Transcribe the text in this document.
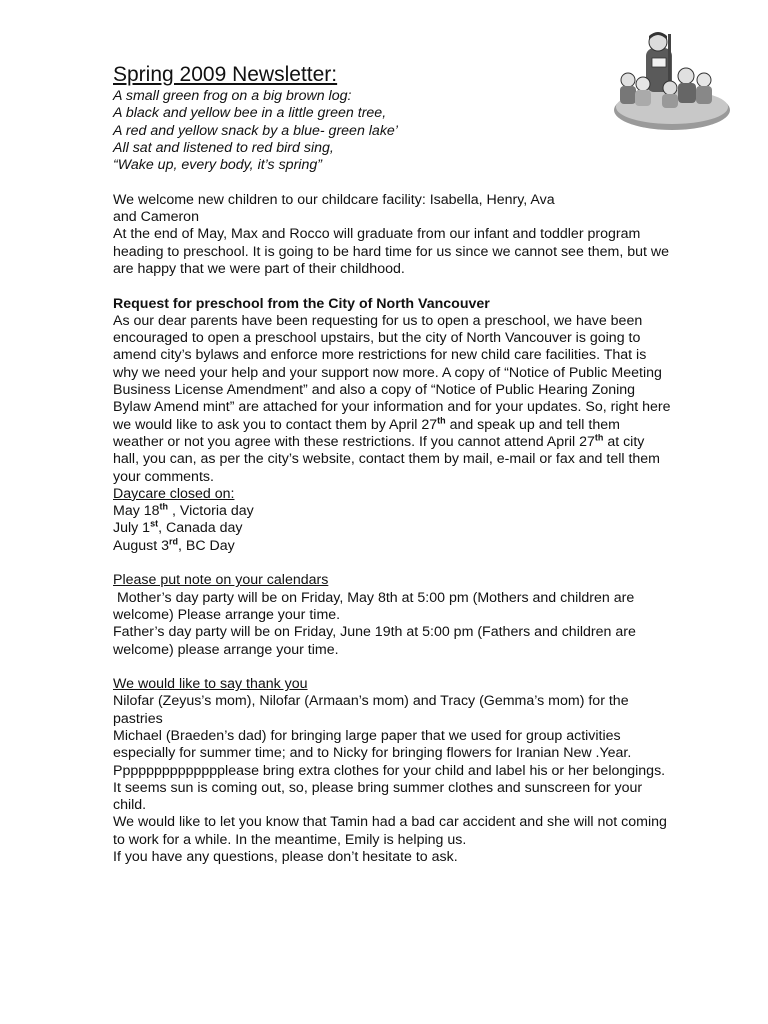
Spring 2009 Newsletter:
A small green frog on a big brown log:
A black and yellow bee in a little green tree,
A red and yellow snack by a blue- green lake’
All sat and listened to red bird sing,
“Wake up, every body, it’s spring”

We welcome new children to our childcare facility: Isabella, Henry, Ava

and Cameron

At the end of May, Max and Rocco will graduate from our infant and toddler program heading to preschool. It is going to be hard time for us since we cannot see them, but we are happy that we were part of their childhood.

Request for preschool from the City of North Vancouver

As our dear parents have been requesting for us to open a preschool, we have been encouraged to open a preschool upstairs, but the city of North Vancouver is going to amend city’s bylaws and enforce more restrictions for new child care facilities. That is why we need your help and your support now more. A copy of “Notice of Public Meeting Business License Amendment” and also a copy of “Notice of Public Hearing Zoning Bylaw Amend mint” are attached for your information and for your updates. So, right here we would like to ask you to contact them by April 27th and speak up and tell them weather or not you agree with these restrictions. If you cannot attend April 27th at city hall, you can, as per the city’s website, contact them by mail, e-mail or fax and tell them your comments.

Daycare closed on:

May 18th , Victoria day

July 1st, Canada day

August 3rd, BC Day

Please put note on your calendars

Mother’s day party will be on Friday, May 8th at 5:00 pm (Mothers and children are welcome) Please arrange your time.

Father’s day party will be on Friday, June 19th at 5:00 pm (Fathers and children are welcome) please arrange your time.

We would like to say thank you

Nilofar (Zeyus’s mom), Nilofar (Armaan’s mom) and Tracy (Gemma’s mom) for the pastries

Michael (Braeden’s dad) for bringing large paper that we used for group activities especially for summer time; and to Nicky for bringing flowers for Iranian New .Year.

Pppppppppppppplease bring extra clothes for your child and label his or her belongings. It seems sun is coming out, so, please bring summer clothes and sunscreen for your child.

We would like to let you know that Tamin had a bad car accident and she will not coming to work for a while. In the meantime, Emily is helping us.

If you have any questions, please don’t hesitate to ask.
